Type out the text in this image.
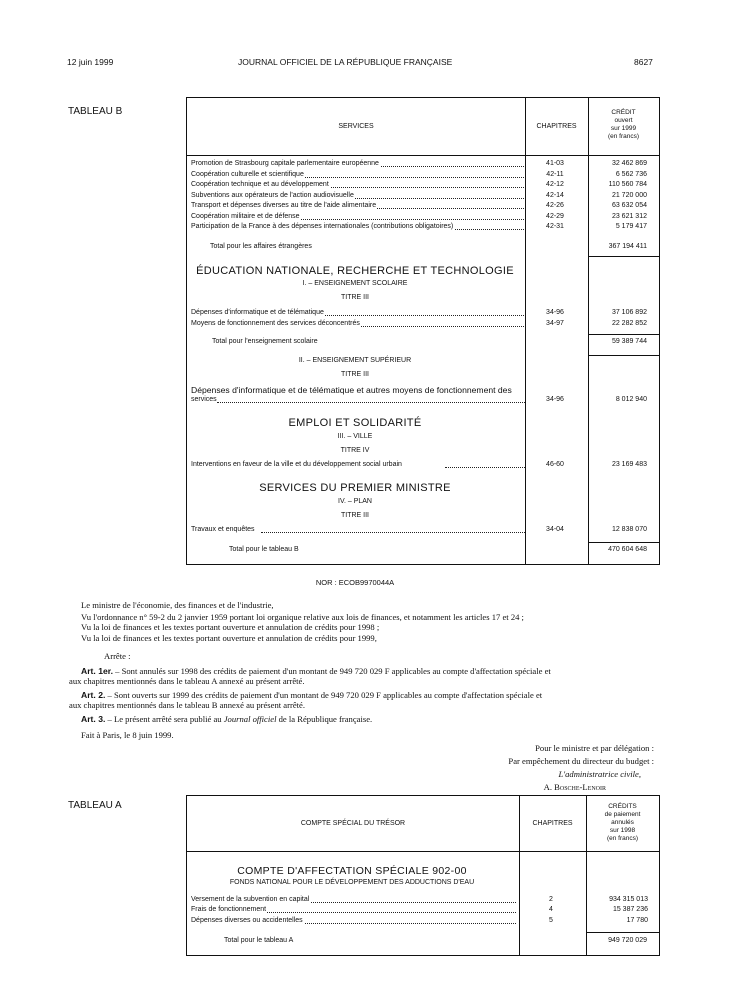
12 juin 1999	JOURNAL OFFICIEL DE LA RÉPUBLIQUE FRANÇAISE	8627
TABLEAU B
SERVICES	CHAPITRES
CRÉDIT
ouvert
sur 1999
(en francs)
Promotion de Strasbourg capitale parlementaire européenne	41-03	32 462 869
Coopération culturelle et scientifique	42-11	6 562 736
Coopération technique et au développement	42-12	110 560 784
Subventions aux opérateurs de l'action audiovisuelle	42-14	21 720 000
Transport et dépenses diverses au titre de l'aide alimentaire	42-26	63 632 054
Coopération militaire et de défense	42-29	23 621 312
Participation de la France à des dépenses internationales (contributions obligatoires)	42-31	5 179 417
Total pour les affaires étrangères	367 194 411
ÉDUCATION NATIONALE, RECHERCHE ET TECHNOLOGIE
I. – ENSEIGNEMENT SCOLAIRE
TITRE III
Dépenses d'informatique et de télématique	34-96	37 106 892
Moyens de fonctionnement des services déconcentrés	34-97	22 282 852
Total pour l'enseignement scolaire	59 389 744
II. – ENSEIGNEMENT SUPÉRIEUR
TITRE III
Dépenses d'informatique et de télématique et autres moyens de fonctionnement des
services	34-96	8 012 940
EMPLOI ET SOLIDARITÉ
III. – VILLE
TITRE IV
Interventions en faveur de la ville et du développement social urbain	46-60	23 169 483
SERVICES DU PREMIER MINISTRE
IV. – PLAN
TITRE III
Travaux et enquêtes	34-04	12 838 070
Total pour le tableau B	470 604 648
NOR : ECOB9970044A
Le ministre de l'économie, des finances et de l'industrie,
Vu l'ordonnance n° 59-2 du 2 janvier 1959 portant loi organique relative aux lois de finances, et notamment les articles 17 et 24 ;
Vu la loi de finances et les textes portant ouverture et annulation de crédits pour 1998 ;
Vu la loi de finances et les textes portant ouverture et annulation de crédits pour 1999,
Arrête :
Art. 1er. – Sont annulés sur 1998 des crédits de paiement d'un montant de 949 720 029 F applicables au compte d'affectation spéciale et
aux chapitres mentionnés dans le tableau A annexé au présent arrêté.
Art. 2. – Sont ouverts sur 1999 des crédits de paiement d'un montant de 949 720 029 F applicables au compte d'affectation spéciale et
aux chapitres mentionnés dans le tableau B annexé au présent arrêté.
Art. 3. – Le présent arrêté sera publié au Journal officiel de la République française.
Fait à Paris, le 8 juin 1999.
Pour le ministre et par délégation :
Par empêchement du directeur du budget :
L'administratrice civile,
A. Bosche-Lenoir
TABLEAU A
COMPTE SPÉCIAL DU TRÉSOR	CHAPITRES
CRÉDITS
de paiement
annulés
sur 1998
(en francs)
COMPTE D'AFFECTATION SPÉCIALE 902-00
FONDS NATIONAL POUR LE DÉVELOPPEMENT DES ADDUCTIONS D'EAU
Versement de la subvention en capital	2	934 315 013
Frais de fonctionnement	4	15 387 236
Dépenses diverses ou accidentelles	5	17 780
Total pour le tableau A	949 720 029
